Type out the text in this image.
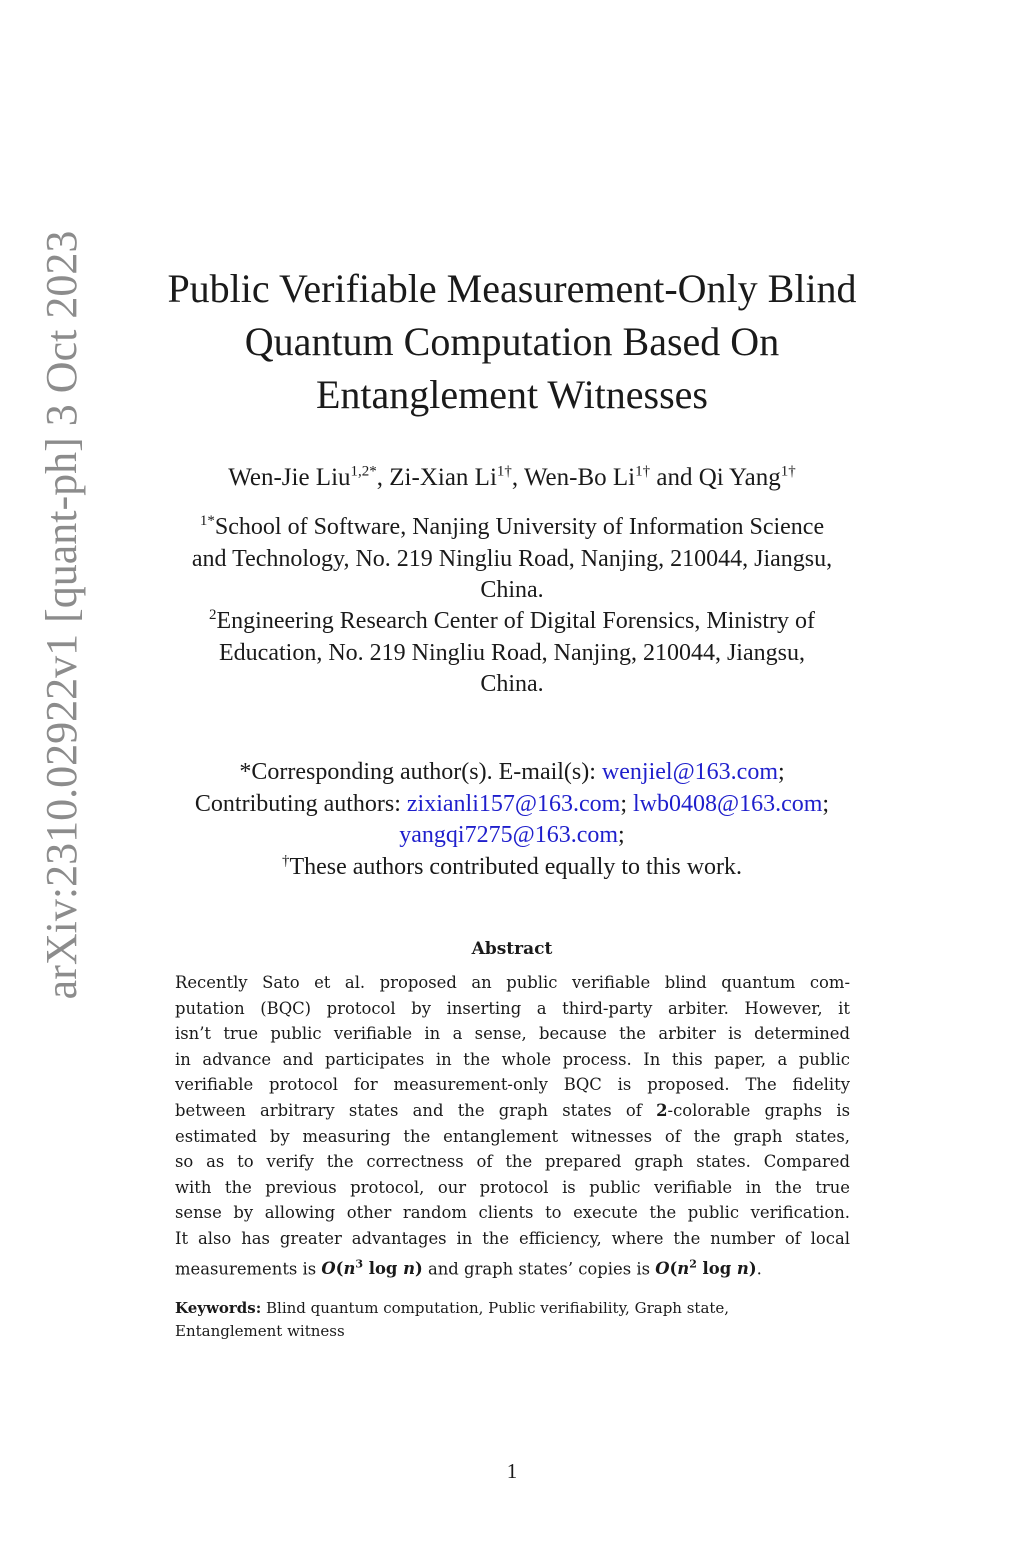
arXiv:2310.02922v1 [quant-ph] 3 Oct 2023	Public Verifiable Measurement-Only Blind
Quantum Computation Based On
Entanglement Witnesses
Wen-Jie Liu$^{1,2*}$, Zi-Xian $Li^{1\dagger}$, Wen-Bo $Li^{1\dagger}$ and Qi Yang$^{1\dagger}$
$^{1*}$School of Software, Nanjing University of Information Science
and Technology, No. 219 Ningliu Road, Nanjing, 210044, Jiangsu,
China.
$^2$Engineering Research Center of Digital Forensics, Ministry of
Education, No. 219 Ningliu Road, Nanjing, 210044, Jiangsu,
China.
*Corresponding author(s). E-mail(s): wenjiel@163.com;
Contributing authors: zixianli157@163.com; lwb0408@163.com;
yangqi7275@163.com;
†These authors contributed equally to this work.
Abstract
Recently Sato et al. proposed an public verifiable blind quantum com-
putation (BQC) protocol by inserting a third-party arbiter. However, it
isn’t true public verifiable in a sense, because the arbiter is determined
in advance and participates in the whole process. In this paper, a public
verifiable protocol for measurement-only BQC is proposed. The fidelity
between arbitrary states and the graph states of 2-colorable graphs is
estimated by measuring the entanglement witnesses of the graph states,
so as to verify the correctness of the prepared graph states. Compared
with the previous protocol, our protocol is public verifiable in the true
sense by allowing other random clients to execute the public verification.
It also has greater advantages in the efficiency, where the number of local
measurements is $O(n^3$ log n) and graph states’ copies is $O(n^2$ log n).
Keywords: Blind quantum computation, Public verifiability, Graph state,
Entanglement witness
1
